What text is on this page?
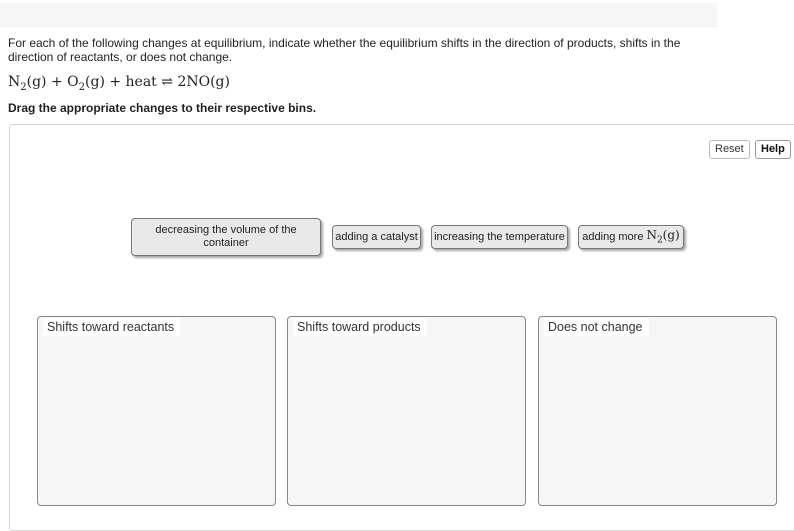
For each of the following changes at equilibrium, indicate whether the equilibrium shifts in the direction of products, shifts in the direction of reactants, or does not change.
$N_2(g) + O_2(g)$ + heat ⇌ 2NO(g)
Drag the appropriate changes to their respective bins.
Reset	Help
decreasing the volume of the container	adding a catalyst increasing the temperature adding more $N_2(g)$
Shifts toward reactants	Shifts toward products	Does not change
